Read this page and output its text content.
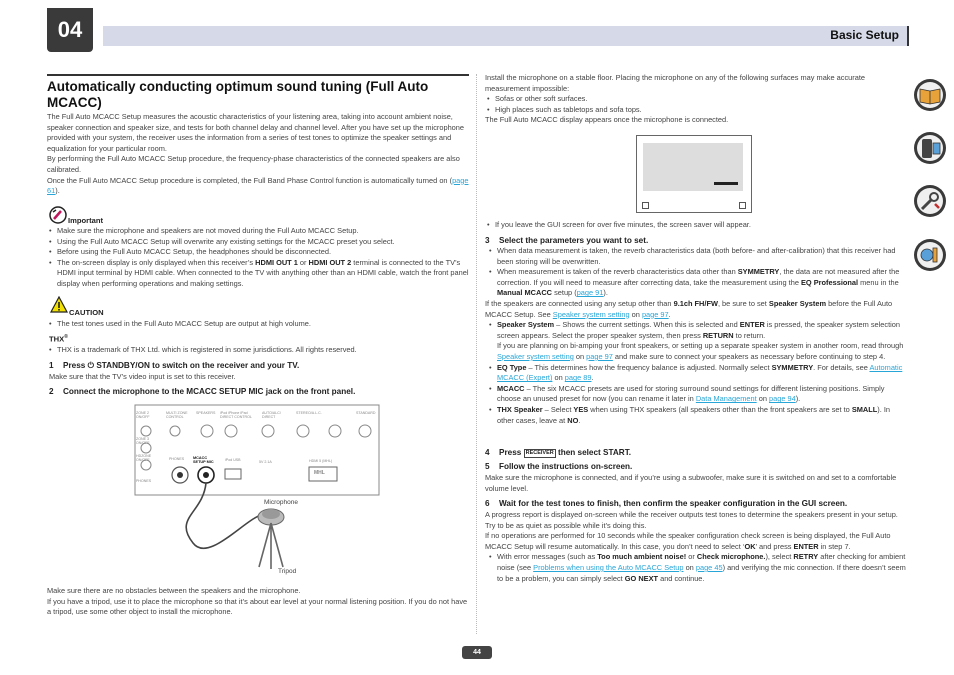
04	Basic Setup
Automatically conducting optimum sound tuning (Full Auto MCACC)

The Full Auto MCACC Setup measures the acoustic characteristics of your listening area, taking into account ambient noise, speaker connection and speaker size, and tests for both channel delay and channel level. After you have set up the microphone provided with your system, the receiver uses the information from a series of test tones to optimize the speaker settings and equalization for your particular room.

By performing the Full Auto MCACC Setup procedure, the frequency-phase characteristics of the connected speakers are also calibrated.

Once the Full Auto MCACC Setup procedure is completed, the Full Band Phase Control function is automatically turned on (page 61).

Important

• Make sure the microphone and speakers are not moved during the Full Auto MCACC Setup.

• Using the Full Auto MCACC Setup will overwrite any existing settings for the MCACC preset you select.

• Before using the Full Auto MCACC Setup, the headphones should be disconnected.

• The on-screen display is only displayed when this receiver’s HDMI OUT 1 or HDMI OUT 2 terminal is connected to the TV’s HDMI input terminal by HDMI cable. When connected to the TV with anything other than an HDMI cable, watch the front panel display when performing operations and making settings.

CAUTION

• The test tones used in the Full Auto MCACC Setup are output at high volume.

THX®

• THX is a trademark of THX Ltd. which is registered in some jurisdictions. All rights reserved.

1 Press ⏻ STANDBY/ON to switch on the receiver and your TV.
Make sure that the TV’s video input is set to this receiver.
2 Connect the microphone to the MCACC SETUP MIC jack on the front panel.
ZONE 2 ON/OFF
MULTI ZONE CONTROL
SPEAKERS	iPod iPhone iPad DIRECT CONTROL
AUTO/ALC/ DIRECT
STEREO/A.L.C.	STANDARD
ZONE 3 ON/OFF
HDZONE ON/OFF
PHONES
PHONES MCACC SETUP MIC
iPod USB	5V 2.1A	HDMI 5 (MHL)
MHL
Microphone
Tripod

Make sure there are no obstacles between the speakers and the microphone.

If you have a tripod, use it to place the microphone so that it’s about ear level at your normal listening position. If you do not have a tripod, use some other object to install the microphone.

Install the microphone on a stable floor. Placing the microphone on any of the following surfaces may make accurate measurement impossible:

• Sofas or other soft surfaces.

• High places such as tabletops and sofa tops.

The Full Auto MCACC display appears once the microphone is connected.

• If you leave the GUI screen for over five minutes, the screen saver will appear.

3 Select the parameters you want to set.

• When data measurement is taken, the reverb characteristics data (both before- and after-calibration) that this receiver had been storing will be overwritten.

• When measurement is taken of the reverb characteristics data other than SYMMETRY, the data are not measured after the correction. If you will need to measure after correcting data, take the measurement using the EQ Professional menu in the Manual MCACC setup (page 91).

If the speakers are connected using any setup other than 9.1ch FH/FW, be sure to set Speaker System before the Full Auto MCACC Setup. See Speaker system setting on page 97.

• Speaker System – Shows the current settings. When this is selected and ENTER is pressed, the speaker system selection screen appears. Select the proper speaker system, then press RETURN to return.

If you are planning on bi-amping your front speakers, or setting up a separate speaker system in another room, read through Speaker system setting on page 97 and make sure to connect your speakers as necessary before continuing to step 4.

• EQ Type – This determines how the frequency balance is adjusted. Normally select SYMMETRY. For details, see Automatic MCACC (Expert) on page 89.

• MCACC – The six MCACC presets are used for storing surround sound settings for different listening positions. Simply choose an unused preset for now (you can rename it later in Data Management on page 94).

• THX Speaker – Select YES when using THX speakers (all speakers other than the front speakers are set to SMALL). In other cases, leave at NO.

4 Press RECEIVER then select START.
5 Follow the instructions on-screen.
Make sure the microphone is connected, and if you’re using a subwoofer, make sure it is switched on and set to a comfortable volume level.
6 Wait for the test tones to finish, then confirm the speaker configuration in the GUI screen.

A progress report is displayed on-screen while the receiver outputs test tones to determine the speakers present in your setup. Try to be as quiet as possible while it’s doing this.

If no operations are performed for 10 seconds while the speaker configuration check screen is being displayed, the Full Auto MCACC Setup will resume automatically. In this case, you don’t need to select ‘OK’ and press ENTER in step 7.

• With error messages (such as Too much ambient noise! or Check microphone.), select RETRY after checking for ambient noise (see Problems when using the Auto MCACC Setup on page 45) and verifying the mic connection. If there doesn’t seem to be a problem, you can simply select GO NEXT and continue.

44
